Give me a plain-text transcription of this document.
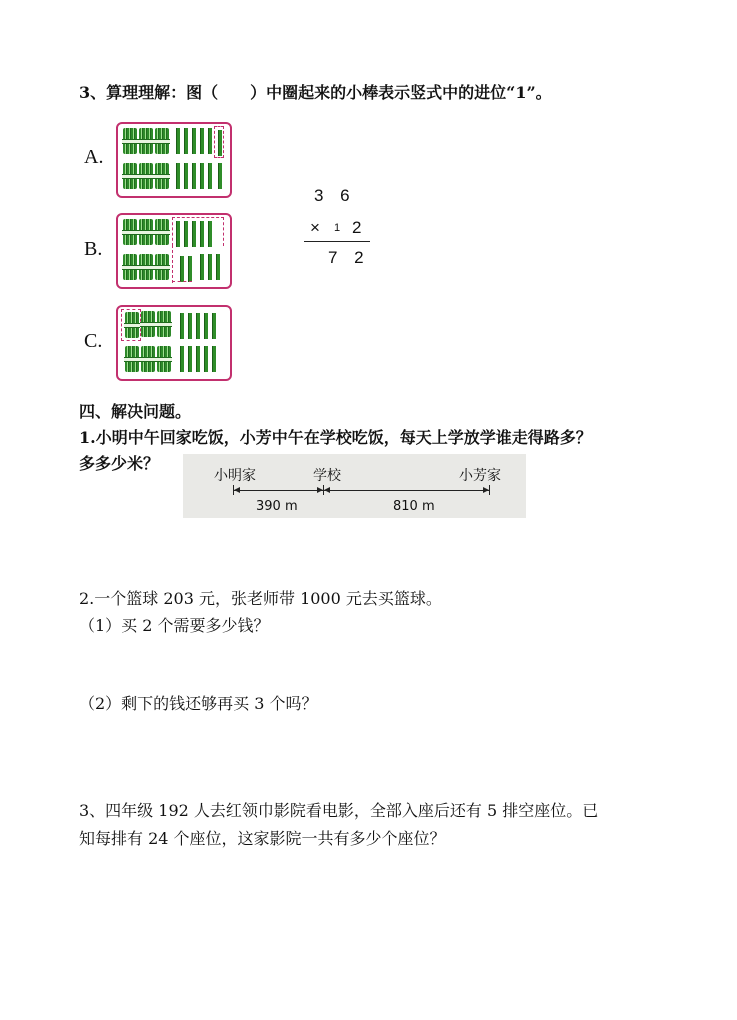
3、算理理解：图（　　）中圈起来的小棒表示竖式中的进位“1”。
A.
B.
C.
3 6
× 1 2
7 2
四、解决问题。
1.小明中午回家吃饭，小芳中午在学校吃饭，每天上学放学谁走得路多？
多多少米？
小明家	学校	小芳家
390 m	810 m
2.一个篮球 203 元，张老师带 1000 元去买篮球。
（1）买 2 个需要多少钱？
（2）剩下的钱还够再买 3 个吗？
3、四年级 192 人去红领巾影院看电影，全部入座后还有 5 排空座位。已
知每排有 24 个座位，这家影院一共有多少个座位？
